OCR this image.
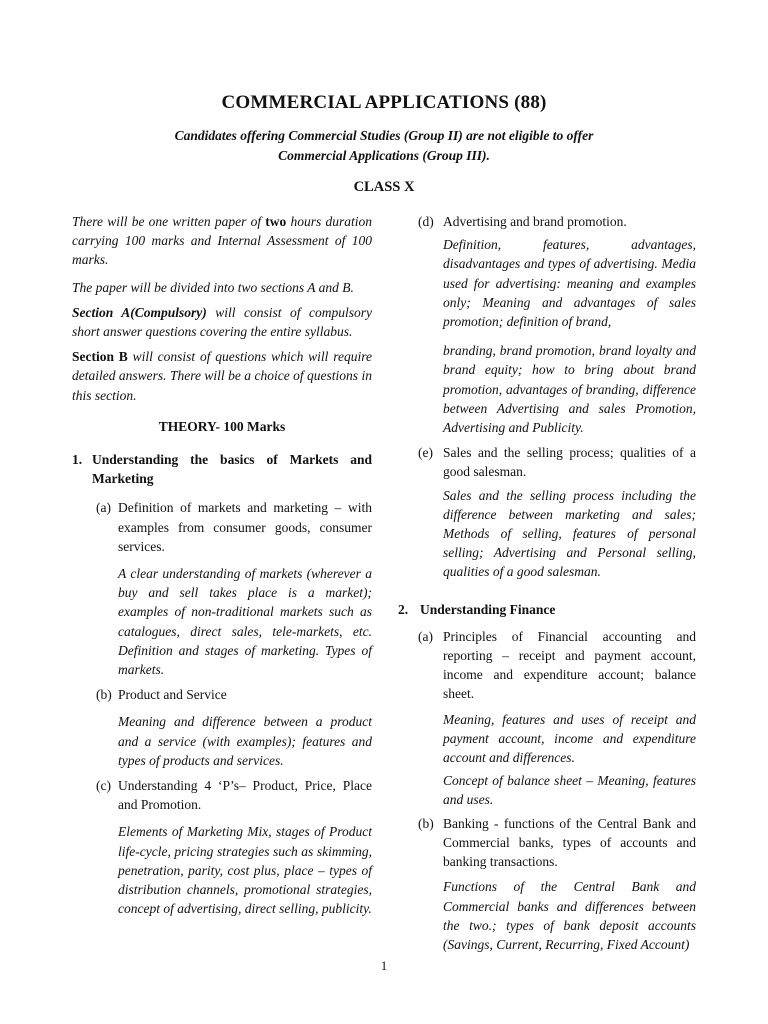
COMMERCIAL APPLICATIONS (88)
Candidates offering Commercial Studies (Group II) are not eligible to offer
Commercial Applications (Group III).
CLASS X

There will be one written paper of two hours duration carrying 100 marks and Internal Assessment of 100 marks.

The paper will be divided into two sections A and B.

Section A(Compulsory) will consist of compulsory short answer questions covering the entire syllabus.

Section B will consist of questions which will require detailed answers. There will be a choice of questions in this section.

THEORY- 100 Marks

1. Understanding the basics of Markets and Marketing
(a) Definition of markets and marketing – with examples from consumer goods, consumer services.

A clear understanding of markets (wherever a buy and sell takes place is a market); examples of non-traditional markets such as catalogues, direct sales, tele-markets, etc. Definition and stages of marketing. Types of markets.

(b) Product and Service

Meaning and difference between a product and a service (with examples); features and types of products and services.

(c) Understanding 4 ‘P’s– Product, Price, Place and Promotion.

Elements of Marketing Mix, stages of Product life-cycle, pricing strategies such as skimming, penetration, parity, cost plus, place – types of distribution channels, promotional strategies, concept of advertising, direct selling, publicity.

(d) Advertising and brand promotion.

Definition, features, advantages, disadvantages and types of advertising. Media used for advertising: meaning and examples only; Meaning and advantages of sales promotion; definition of brand,

branding, brand promotion, brand loyalty and brand equity; how to bring about brand promotion, advantages of branding, difference between Advertising and sales Promotion, Advertising and Publicity.

(e) Sales and the selling process; qualities of a good salesman.

Sales and the selling process including the difference between marketing and sales; Methods of selling, features of personal selling; Advertising and Personal selling, qualities of a good salesman.

2. Understanding Finance
(a) Principles of Financial accounting and reporting – receipt and payment account, income and expenditure account; balance sheet.

Meaning, features and uses of receipt and payment account, income and expenditure account and differences.

Concept of balance sheet – Meaning, features and uses.

(b) Banking - functions of the Central Bank and Commercial banks, types of accounts and banking transactions.

Functions of the Central Bank and Commercial banks and differences between the two.; types of bank deposit accounts (Savings, Current, Recurring, Fixed Account)

1
